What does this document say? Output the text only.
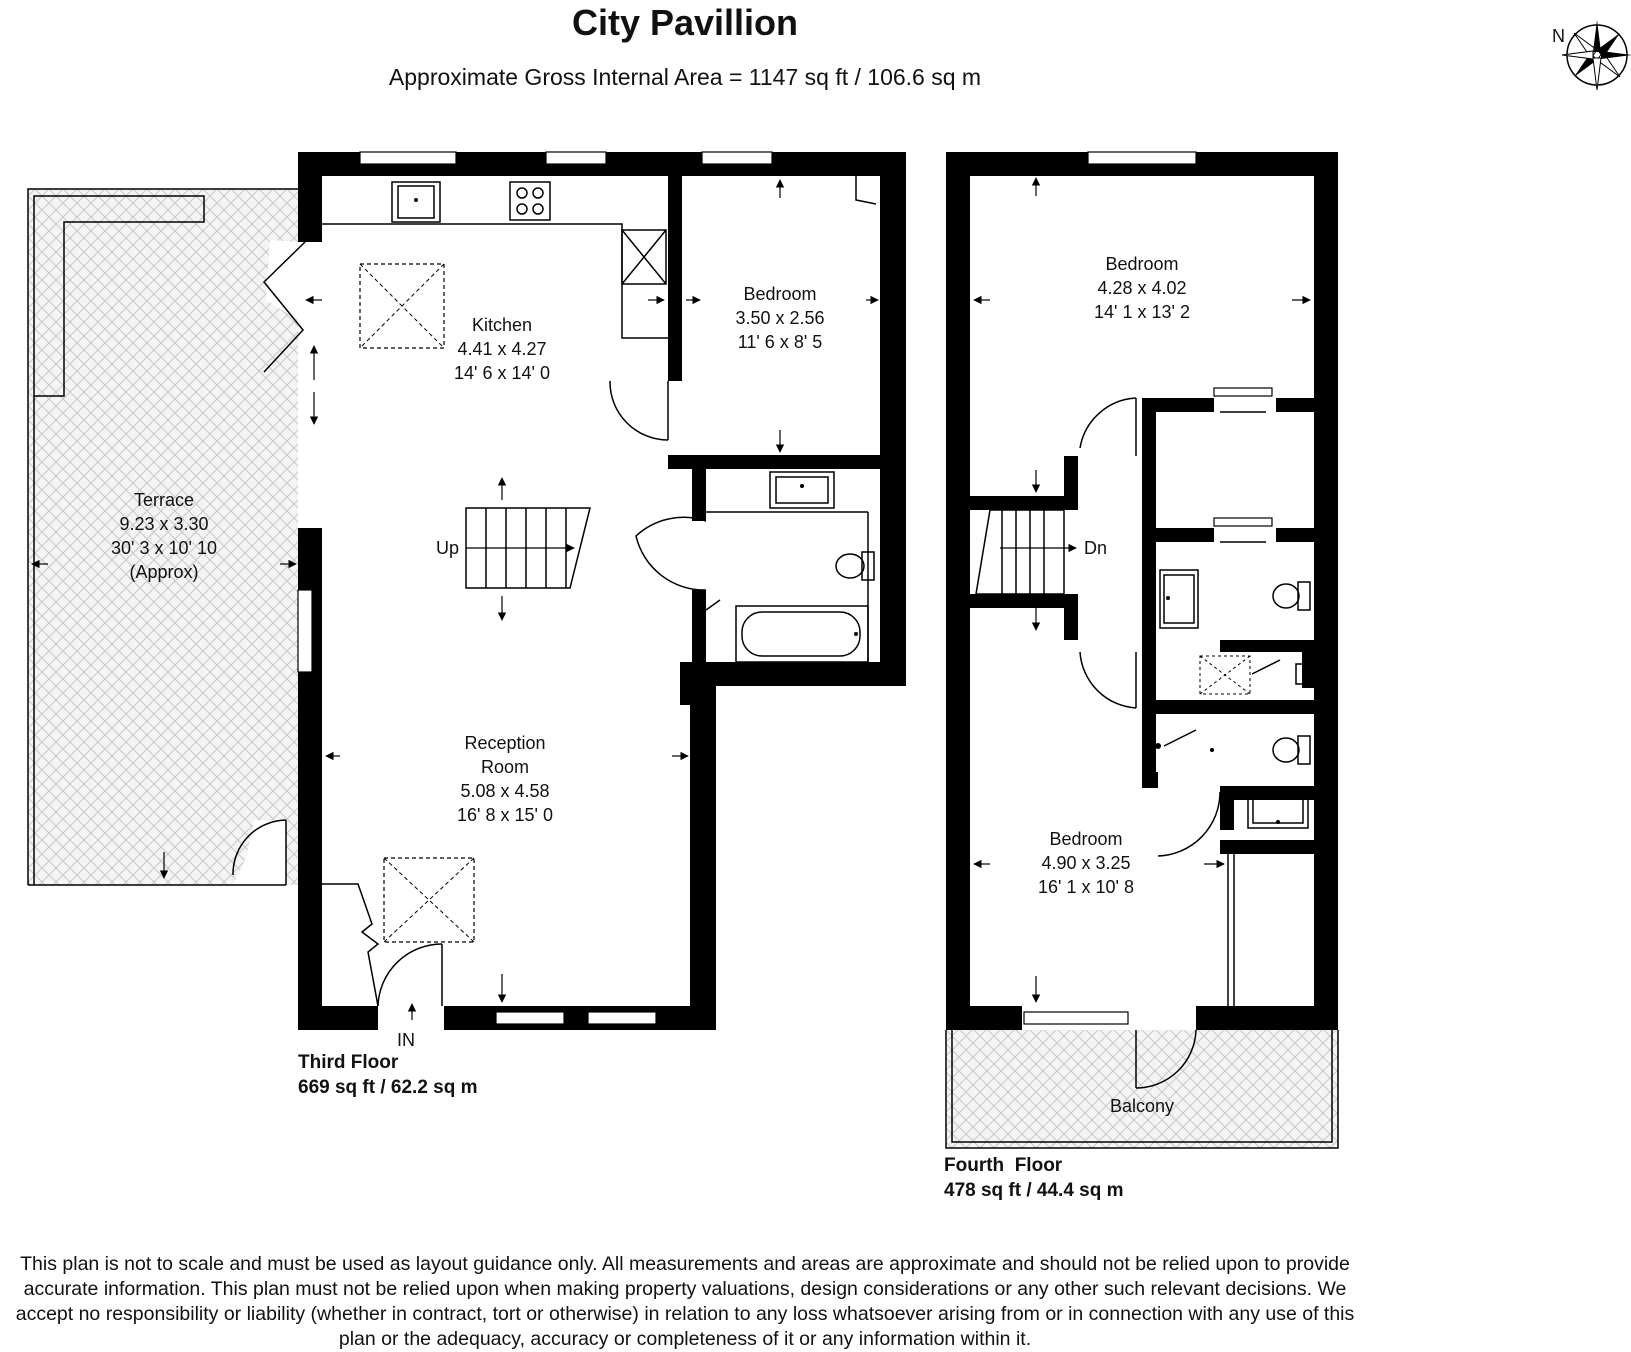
City Pavillion
Approximate Gross Internal Area = 1147 sq ft / 106.6 sq m
N
Kitchen
4.41 x 4.27
14' 6 x 14' 0
Bedroom
3.50 x 2.56
11' 6 x 8' 5
Terrace
9.23 x 3.30
30' 3 x 10' 10
(Approx)
Reception
Room
5.08 x 4.58
16' 8 x 15' 0
Up
IN
Bedroom
4.28 x 4.02
14' 1 x 13' 2
Bedroom
4.90 x 3.25
16' 1 x 10' 8
Balcony
Dn
Third Floor
669 sq ft / 62.2 sq m
Fourth  Floor
478 sq ft / 44.4 sq m
This plan is not to scale and must be used as layout guidance only. All measurements and areas are approximate and should not be relied upon to provide accurate information. This plan must not be relied upon when making property valuations, design considerations or any other such relevant decisions. We accept no responsibility or liability (whether in contract, tort or otherwise) in relation to any loss whatsoever arising from or in connection with any use of this plan or the adequacy, accuracy or completeness of it or any information within it.
